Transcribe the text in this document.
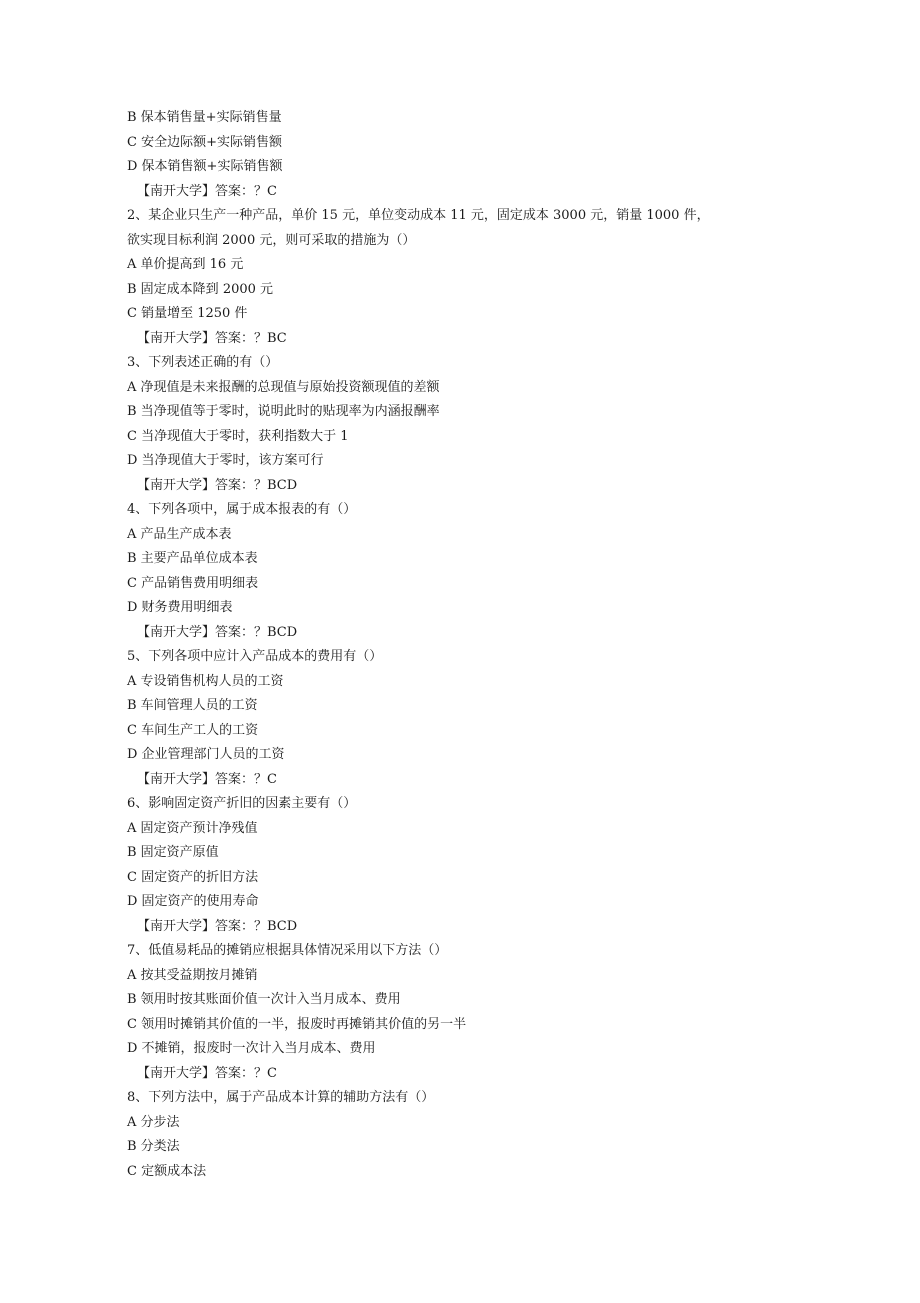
B 保本销售量+实际销售量
C 安全边际额+实际销售额
D 保本销售额+实际销售额
【南开大学】答案：？C
2、某企业只生产一种产品，单价 15 元，单位变动成本 11 元，固定成本 3000 元，销量 1000 件，欲实现目标利润 2000 元，则可采取的措施为（）
A 单价提高到 16 元
B 固定成本降到 2000 元
C 销量增至 1250 件
【南开大学】答案：？BC
3、下列表述正确的有（）
A 净现值是未来报酬的总现值与原始投资额现值的差额
B 当净现值等于零时，说明此时的贴现率为内涵报酬率
C 当净现值大于零时，获利指数大于 1
D 当净现值大于零时，该方案可行
【南开大学】答案：？BCD
4、下列各项中，属于成本报表的有（）
A 产品生产成本表
B 主要产品单位成本表
C 产品销售费用明细表
D 财务费用明细表
【南开大学】答案：？BCD
5、下列各项中应计入产品成本的费用有（）
A 专设销售机构人员的工资
B 车间管理人员的工资
C 车间生产工人的工资
D 企业管理部门人员的工资
【南开大学】答案：？C
6、影响固定资产折旧的因素主要有（）
A 固定资产预计净残值
B 固定资产原值
C 固定资产的折旧方法
D 固定资产的使用寿命
【南开大学】答案：？BCD
7、低值易耗品的摊销应根据具体情况采用以下方法（）
A 按其受益期按月摊销
B 领用时按其账面价值一次计入当月成本、费用
C 领用时摊销其价值的一半，报废时再摊销其价值的另一半
D 不摊销，报废时一次计入当月成本、费用
【南开大学】答案：？C
8、下列方法中，属于产品成本计算的辅助方法有（）
A 分步法
B 分类法
C 定额成本法
